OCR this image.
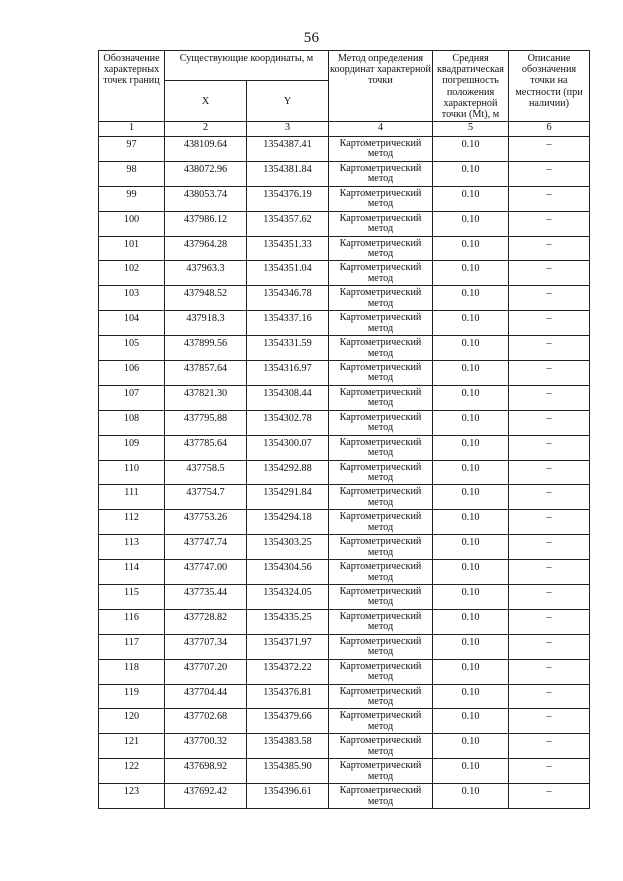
56
Обозначение характерных точек границ	Существующие координаты, м		Метод определения координат характерной точки	Средняя квадратическая погрешность положения характерной точки (Mt), м	Описание обозначения точки на местности (при наличии)

	X	Y			
1	2	3	4	5	6
97	438109.64	1354387.41	Картометрический метод	0.10	–
98	438072.96	1354381.84	Картометрический метод	0.10	–
99	438053.74	1354376.19	Картометрический метод	0.10	–
100	437986.12	1354357.62	Картометрический метод	0.10	–
101	437964.28	1354351.33	Картометрический метод	0.10	–
102	437963.3	1354351.04	Картометрический метод	0.10	–
103	437948.52	1354346.78	Картометрический метод	0.10	–
104	437918.3	1354337.16	Картометрический метод	0.10	–
105	437899.56	1354331.59	Картометрический метод	0.10	–
106	437857.64	1354316.97	Картометрический метод	0.10	–
107	437821.30	1354308.44	Картометрический метод	0.10	–
108	437795.88	1354302.78	Картометрический метод	0.10	–
109	437785.64	1354300.07	Картометрический метод	0.10	–
110	437758.5	1354292.88	Картометрический метод	0.10	–
111	437754.7	1354291.84	Картометрический метод	0.10	–
112	437753.26	1354294.18	Картометрический метод	0.10	–
113	437747.74	1354303.25	Картометрический метод	0.10	–
114	437747.00	1354304.56	Картометрический метод	0.10	–
115	437735.44	1354324.05	Картометрический метод	0.10	–
116	437728.82	1354335.25	Картометрический метод	0.10	–
117	437707.34	1354371.97	Картометрический метод	0.10	–
118	437707.20	1354372.22	Картометрический метод	0.10	–
119	437704.44	1354376.81	Картометрический метод	0.10	–
120	437702.68	1354379.66	Картометрический метод	0.10	–
121	437700.32	1354383.58	Картометрический метод	0.10	–
122	437698.92	1354385.90	Картометрический метод	0.10	–
123	437692.42	1354396.61	Картометрический метод	0.10	–
